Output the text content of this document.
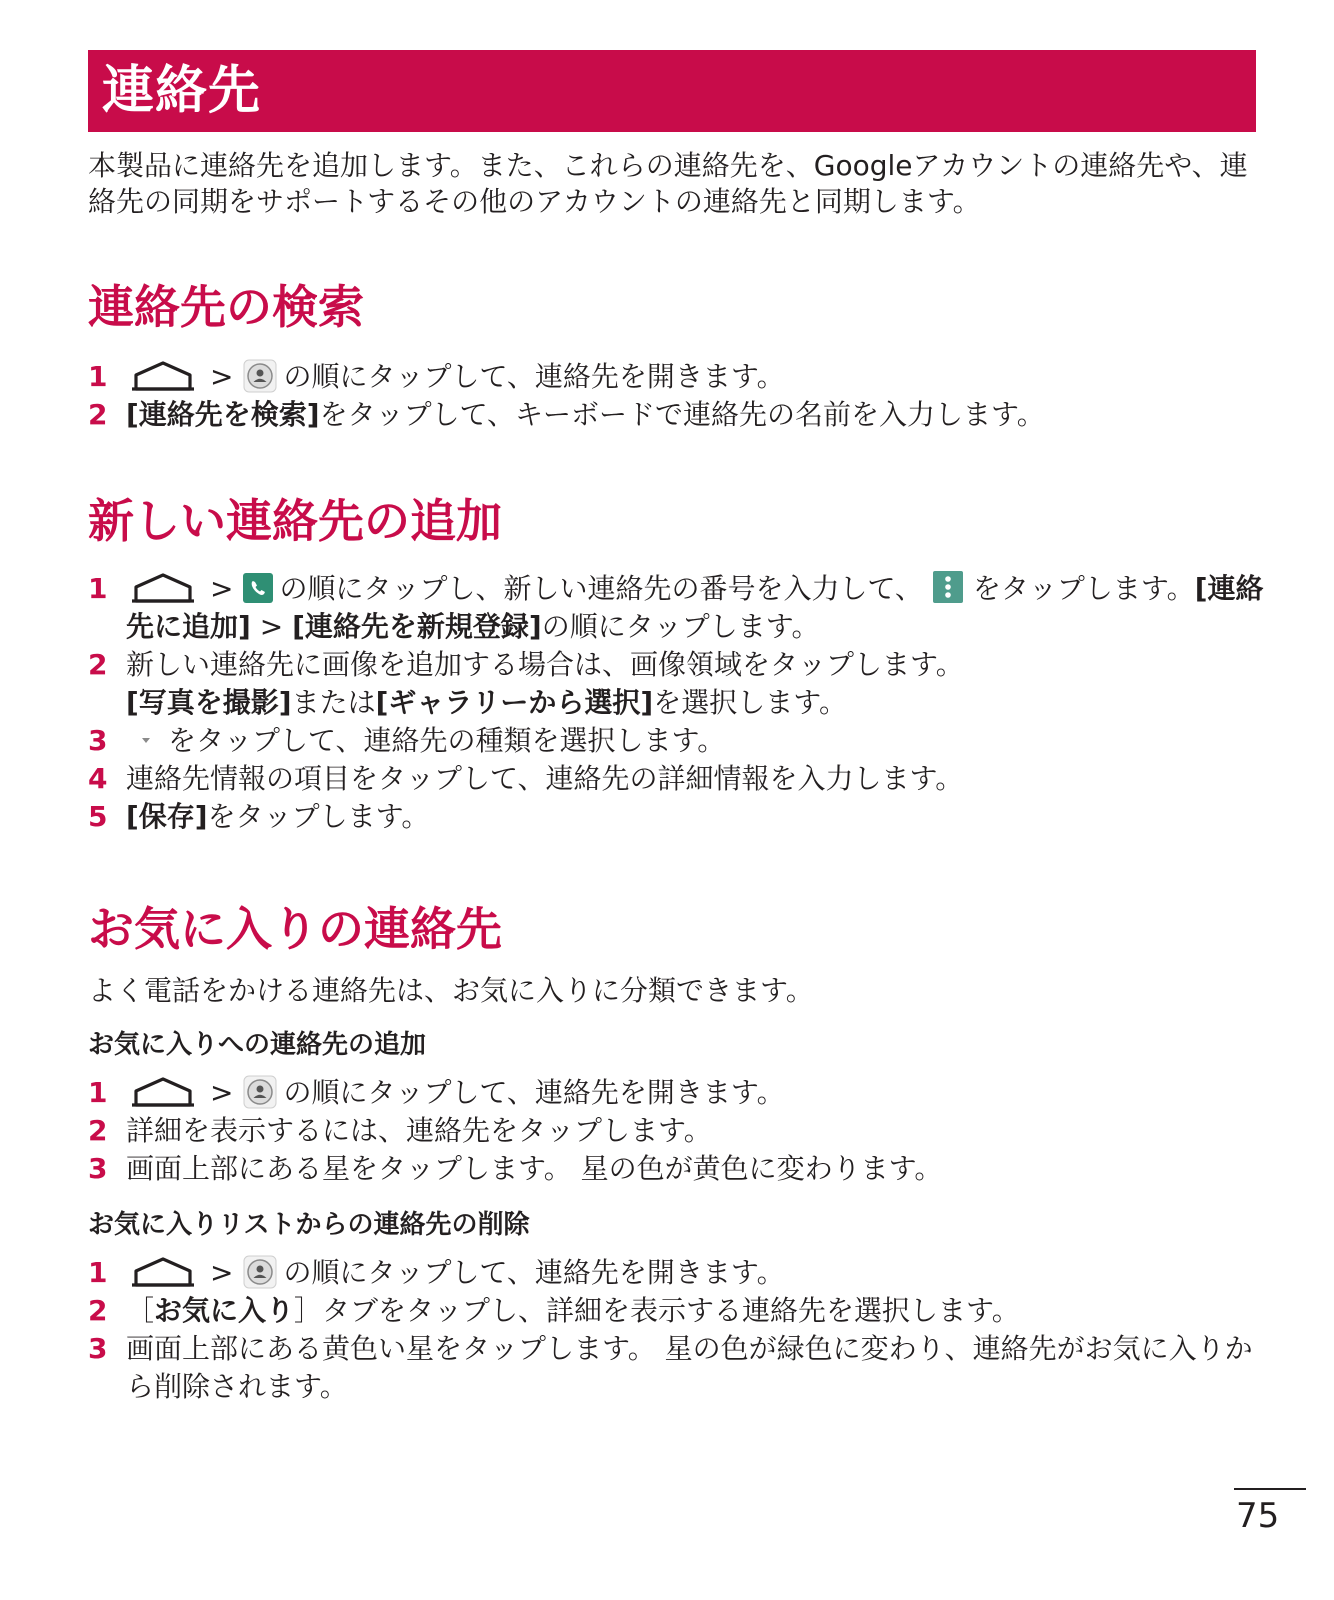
連絡先

本製品に連絡先を追加します。また、これらの連絡先を、Googleアカウントの連絡先や、連絡先の同期をサポートするその他のアカウントの連絡先と同期します。

連絡先の検索
1	> の順にタップして、連絡先を開きます。
2 [連絡先を検索]をタップして、キーボードで連絡先の名前を入力します。
新しい連絡先の追加
1	> の順にタップし、新しい連絡先の番号を入力して、 をタップします。[連絡先に追加] > [連絡先を新規登録]の順にタップします。
2 新しい連絡先に画像を追加する場合は、画像領域をタップします。
[写真を撮影]または[ギャラリーから選択]を選択します。
3 をタップして、連絡先の種類を選択します。
4 連絡先情報の項目をタップして、連絡先の詳細情報を入力します。
5 [保存]をタップします。
お気に入りの連絡先

よく電話をかける連絡先は、お気に入りに分類できます。

お気に入りへの連絡先の追加
1	> の順にタップして、連絡先を開きます。
2 詳細を表示するには、連絡先をタップします。
3 画面上部にある星をタップします。 星の色が黄色に変わります。
お気に入りリストからの連絡先の削除
1	> の順にタップして、連絡先を開きます。
2 ［お気に入り］タブをタップし、詳細を表示する連絡先を選択します。
3 画面上部にある黄色い星をタップします。 星の色が緑色に変わり、連絡先がお気に入りから削除されます。
75
